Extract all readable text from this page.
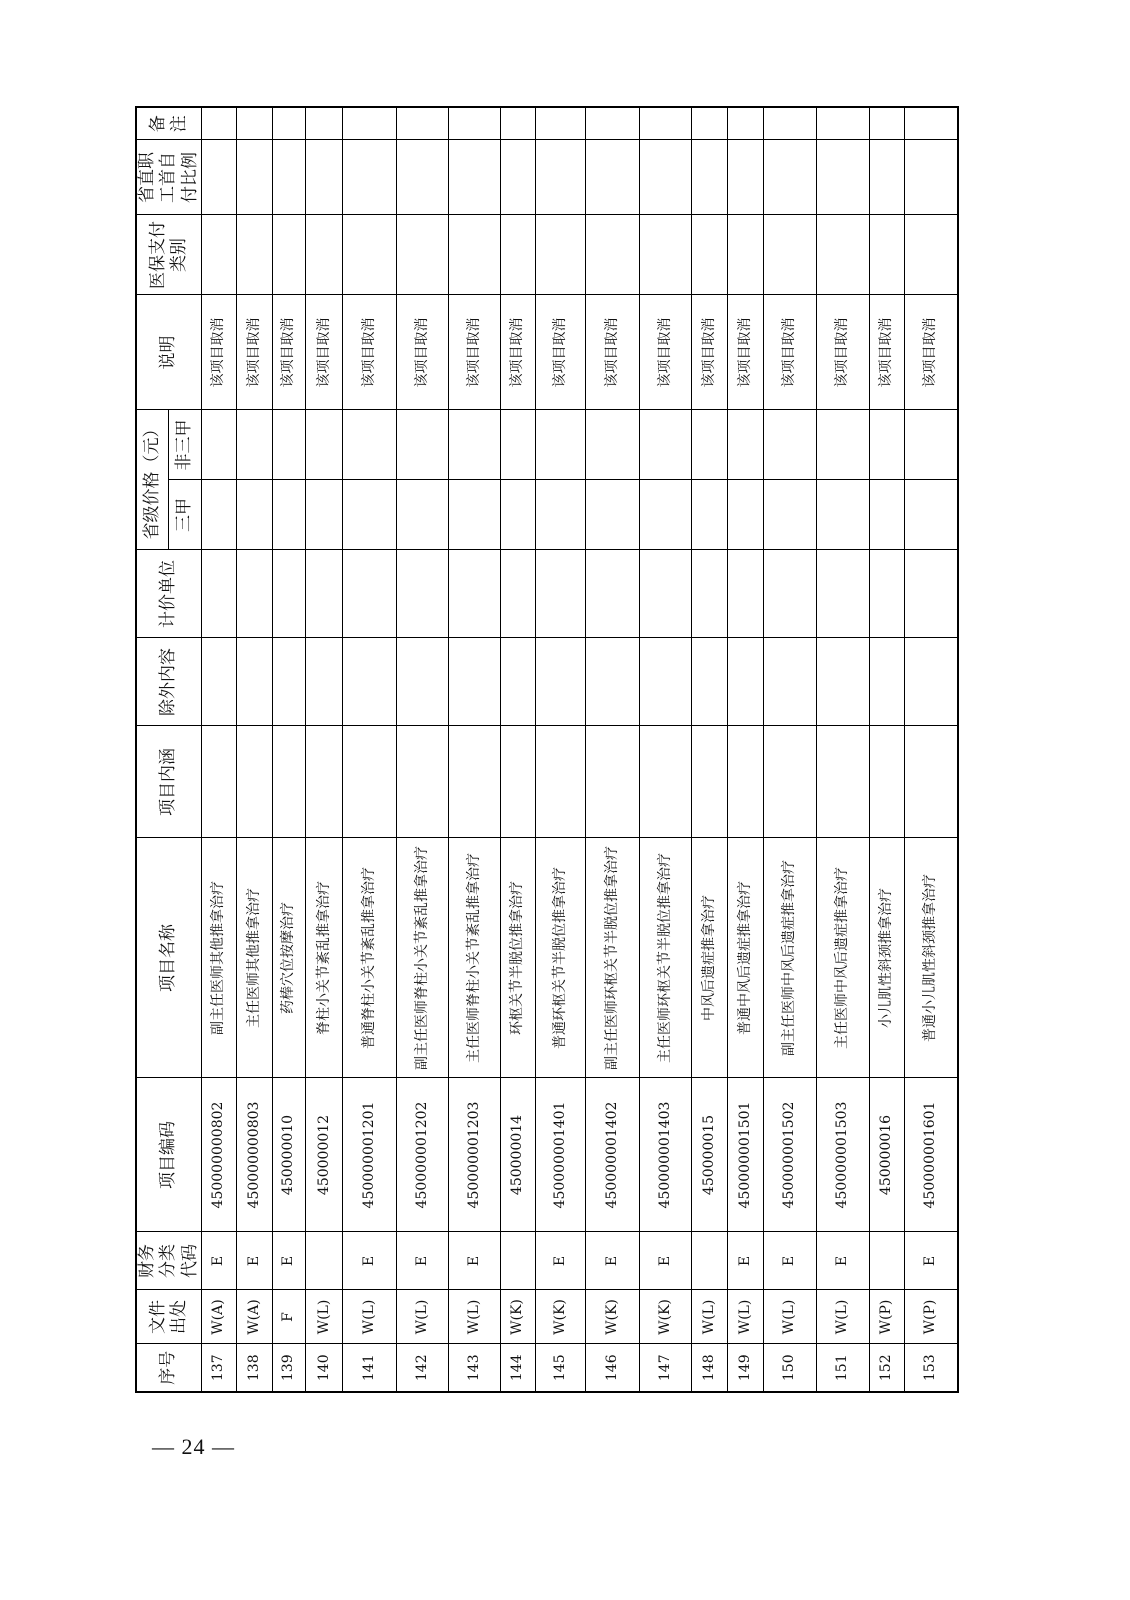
序号	文件出处	财务分类代码	项目编码	项目名称	项目内涵	除外内容	计价单位	省级价格（元）		说明	医保支付类别	省直职工首自付比例	备注
								三甲	非三甲				
137	W(A)	E	450000000802	副主任医师其他推拿治疗						该项目取消			
138	W(A)	E	450000000803	主任医师其他推拿治疗						该项目取消			
139	F	E	450000010	药棒穴位按摩治疗						该项目取消			
140	W(L)		450000012	脊柱小关节紊乱推拿治疗						该项目取消			
141	W(L)	E	450000001201	普通脊柱小关节紊乱推拿治疗						该项目取消			
142	W(L)	E	450000001202	副主任医师脊柱小关节紊乱推拿治疗						该项目取消			
143	W(L)	E	450000001203	主任医师脊柱小关节紊乱推拿治疗						该项目取消			
144	W(K)		450000014	环枢关节半脱位推拿治疗						该项目取消			
145	W(K)	E	450000001401	普通环枢关节半脱位推拿治疗						该项目取消			
146	W(K)	E	450000001402	副主任医师环枢关节半脱位推拿治疗						该项目取消			
147	W(K)	E	450000001403	主任医师环枢关节半脱位推拿治疗						该项目取消			
148	W(L)		450000015	中风后遗症推拿治疗						该项目取消			
149	W(L)	E	450000001501	普通中风后遗症推拿治疗						该项目取消			
150	W(L)	E	450000001502	副主任医师中风后遗症推拿治疗						该项目取消			
151	W(L)	E	450000001503	主任医师中风后遗症推拿治疗						该项目取消			
152	W(P)		450000016	小儿肌性斜颈推拿治疗						该项目取消			
153	W(P)	E	450000001601	普通小儿肌性斜颈推拿治疗						该项目取消			
— 24 —
